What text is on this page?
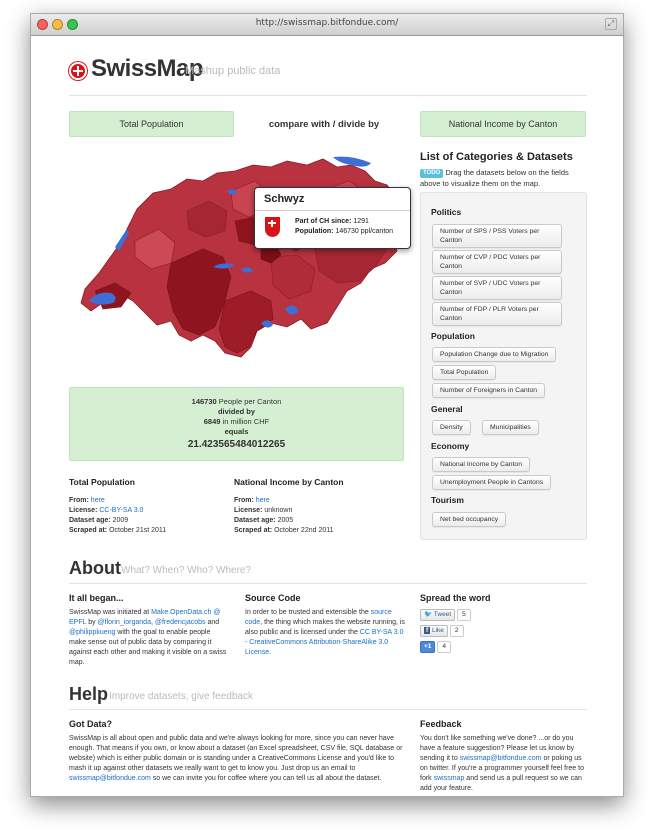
http://swissmap.bitfondue.com/	⤢
SwissMap
Mashup public data
Total Population	compare with / divide by	National Income by Canton
Schwyz
Part of CH since: 1291
Population: 146730 ppl/canton
146730 People per Canton
divided by
6849 in million CHF
equals
21.423565484012265
Total Population
From: here
License: CC-BY-SA 3.0
Dataset age: 2009
Scraped at: October 21st 2011
National Income by Canton
From: here
License: unknown
Dataset age: 2005
Scraped at: October 22nd 2011
List of Categories & Datasets
TODO Drag the datasets below on the fields above to visualize them on the map.
Politics
Number of SPS / PSS Voters per Canton
Number of CVP / PDC Voters per Canton
Number of SVP / UDC Voters per Canton
Number of FDP / PLR Voters per Canton
Population
Population Change due to Migration
Total Population
Number of Foreigners in Canton
General
Density	Municipalities
Economy
National Income by Canton
Unemployment People in Cantons
Tourism
Net bed occupancy
About What? When? Who? Where?
It all began...
SwissMap was initiated at Make.OpenData.ch @ EPFL by @florin_iorganda, @fredericjacobs and @philippkueng with the goal to enable people make sense out of public data by comparing it against each other and making it visible on a swiss map.
Source Code
In order to be trusted and extensible the source code, the thing which makes the website running, is also public and is licensed under the CC BY-SA 3.0 - CreativeCommons Attribution-ShareAlike 3.0 License.
Spread the word
🐦 Tweet 5
f Like 2
+1 4
Help Improve datasets, give feedback
Got Data?
SwissMap is all about open and public data and we're always looking for more, since you can never have enough. That means if you own, or know about a dataset (an Excel spreadsheet, CSV file, SQL database or website) which is either public domain or is standing under a CreativeCommons License and you'd like to mash it up against other datasets we really want to get to know you. Just drop us an email to swissmap@bitfondue.com so we can invite you for coffee where you can tell us all about the dataset.
Feedback
You don't like something we've done? ...or do you have a feature suggestion? Please let us know by sending it to swissmap@bitfondue.com or poking us on twitter. If you're a programmer yourself feel free to fork swissmap and send us a pull request so we can add your feature.
